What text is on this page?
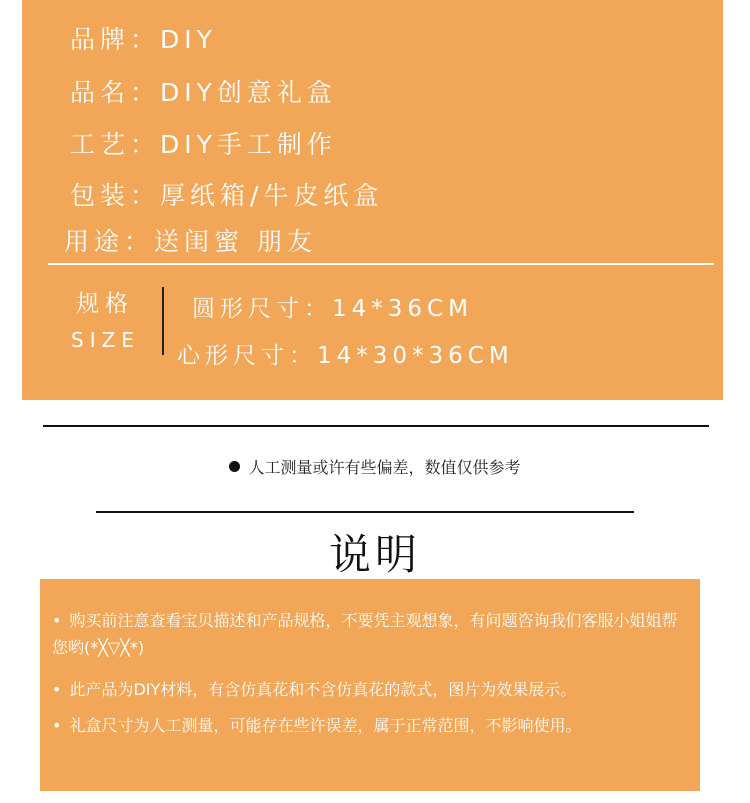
品牌：DIY
品名：DIY创意礼盒
工艺：DIY手工制作
包装：厚纸箱/牛皮纸盒
用途：送闺蜜 朋友
规格
SIZE
圆形尺寸：14*36CM
心形尺寸：14*30*36CM
人工测量或许有些偏差，数值仅供参考
说明
• 购买前注意查看宝贝描述和产品规格，不要凭主观想象，有问题咨询我们客服小姐姐帮您哟(*╳▽╳*)
• 此产品为DIY材料，有含仿真花和不含仿真花的款式，图片为效果展示。
• 礼盒尺寸为人工测量，可能存在些许误差，属于正常范围，不影响使用。
